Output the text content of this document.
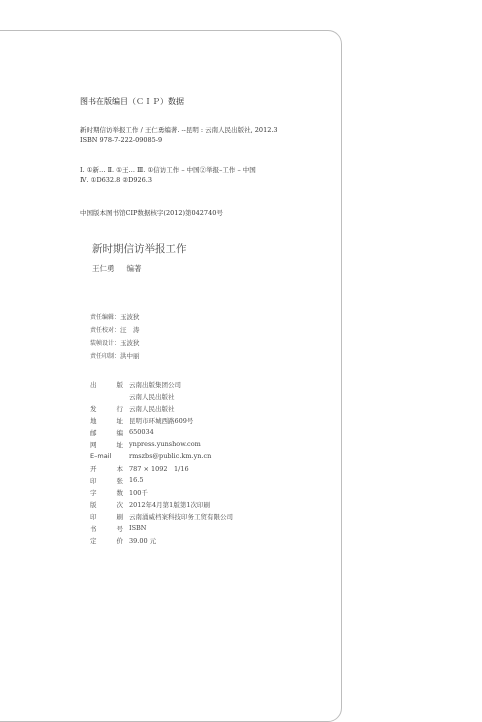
图书在版编目（ＣＩＰ）数据
新时期信访举报工作 / 王仁勇编著. --昆明 : 云南人民出版社, 2012.3
ISBN 978-7-222-09085-9
Ⅰ. ①新… Ⅱ. ①王… Ⅲ. ①信访工作 – 中国②举报–工作 – 中国
Ⅳ. ①D632.8 ②D926.3
中国版本图书馆CIP数据核字(2012)第042740号
新时期信访举报工作
王仁勇 编著
责任编辑：玉波狄
责任校对：汪　涛
装帧设计：玉波狄
责任印制：洪中丽
出	版 云南出版集团公司
云南人民出版社
发	行 云南人民出版社
地	址 昆明市环城西路609号
邮	编 650034
网	址 ynpress.yunshow.com
E–mail	rmszbs@public.km.yn.cn
开	本 787 × 1092　1/16
印	张 16.5
字	数 100千
版	次 2012年4月第1版第1次印刷
印	刷 云南涌威档案科技印务工贸有限公司
书	号 ISBN
定	价 39.00 元
